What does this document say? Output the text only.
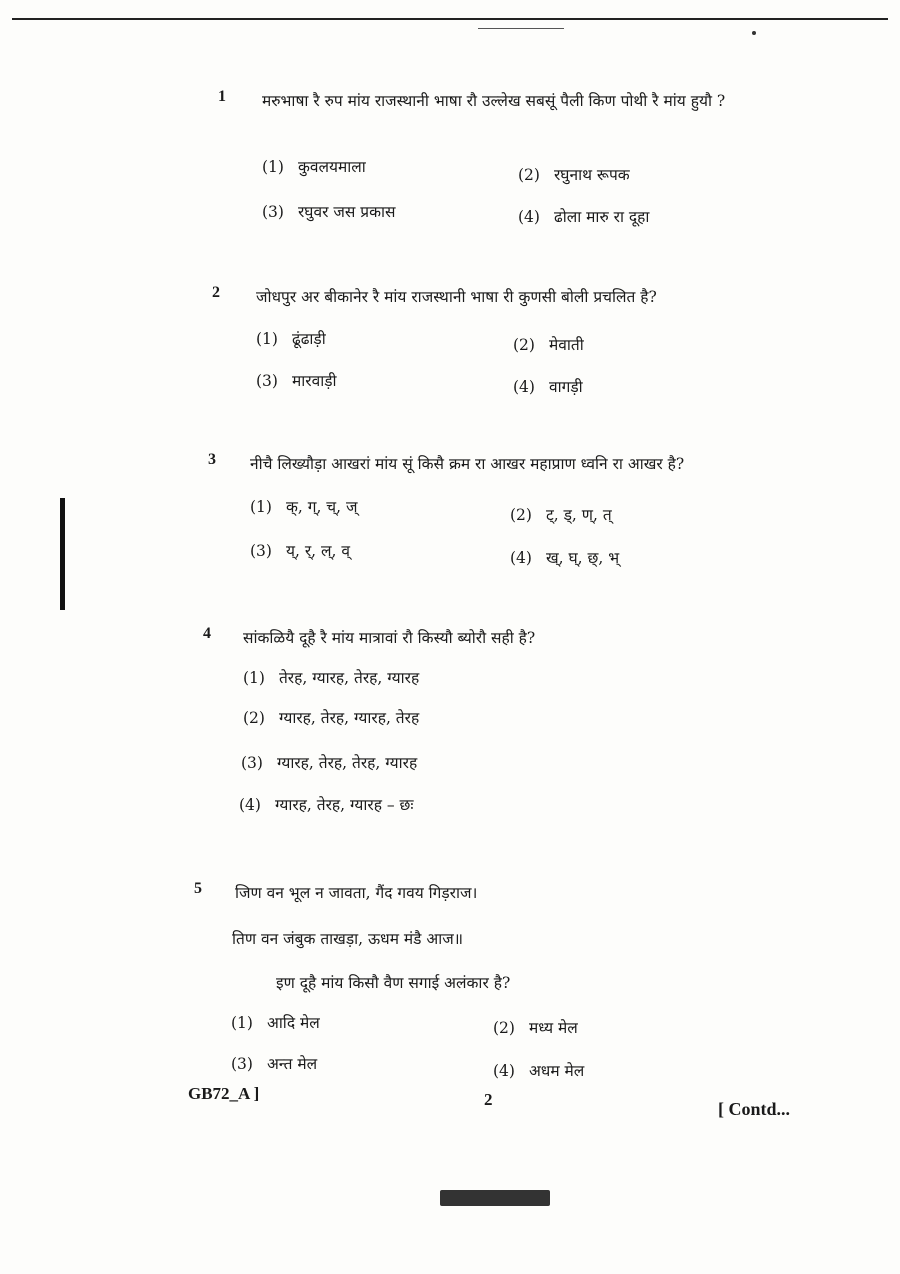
1 मरुभाषा रै रुप मांय राजस्थानी भाषा रौ उल्लेख सबसूं पैली किण पोथी रै मांय हुयौ ?
(1) कुवलयमाला	(2) रघुनाथ रूपक
(3) रघुवर जस प्रकास	(4) ढोला मारु रा दूहा
2 जोधपुर अर बीकानेर रै मांय राजस्थानी भाषा री कुणसी बोली प्रचलित है?
(1) ढूंढाड़ी	(2) मेवाती
(3) मारवाड़ी	(4) वागड़ी
3 नीचै लिख्यौड़ा आखरां मांय सूं किसै क्रम रा आखर महाप्राण ध्वनि रा आखर है?
(1) क्, ग्, च्, ज्	(2) ट्, ड्, ण्, त्
(3) य्, र्, ल्, व्	(4) ख्, घ्, छ्, भ्
4 सांकळियै दूहै रै मांय मात्रावां रौ किस्यौ ब्योरौ सही है?
(1) तेरह, ग्यारह, तेरह, ग्यारह
(2) ग्यारह, तेरह, ग्यारह, तेरह
(3) ग्यारह, तेरह, तेरह, ग्यारह
(4) ग्यारह, तेरह, ग्यारह – छः
5 जिण वन भूल न जावता, गैंद गवय गिड़राज।
तिण वन जंबुक ताखड़ा, ऊधम मंडै आज॥
इण दूहै मांय किसौ वैण सगाई अलंकार है?
(1) आदि मेल	(2) मध्य मेल
(3) अन्त मेल	(4) अधम मेल
GB72_A ]	2	[ Contd...
